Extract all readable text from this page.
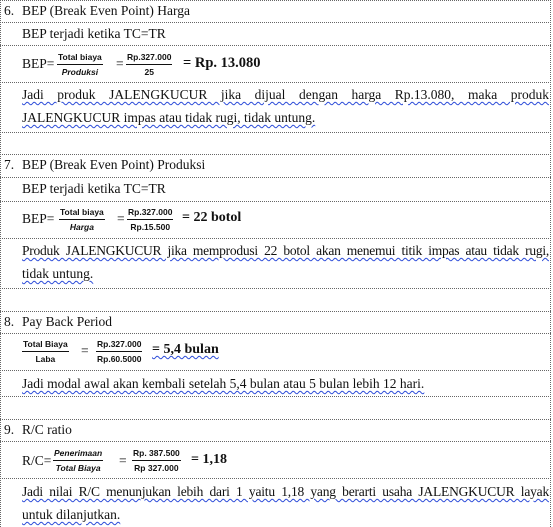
6. BEP (Break Even Point) Harga
BEP terjadi ketika TC=TR
BEP= Total biaya
Produksi
= $\frac{Rp.327.000}{25} = Rp$. 13.080
Jadi produk JALENGKUCUR jika dijual dengan harga Rp.13.080, maka produk
JALENGKUCUR impas atau tidak rugi, tidak untung.
7. BEP (Break Even Point) Produksi
BEP terjadi ketika TC=TR
BEP= Total biaya
Harga
= $\frac{Rp.327.000}{Rp.15.500} = 22$ botol
Produk JALENGKUCUR jika memprodusi 22 botol akan menemui titik impas atau tidak rugi,
tidak untung.
8. Pay Back Period
Total Biaya
Laba
= $\frac{Rp.327.000}{Rp.60.5000} = 5,4$ bulan
Jadi modal awal akan kembali setelah 5,4 bulan atau 5 bulan lebih 12 hari.
9. R/C ratio
R/C= Penerimaan
Total Biaya = $\frac{Rp. 387.500}{Rp 327.000} = 1,18$
Jadi nilai R/C menunjukan lebih dari 1 yaitu 1,18 yang berarti usaha JALENGKUCUR layak
untuk dilanjutkan.
